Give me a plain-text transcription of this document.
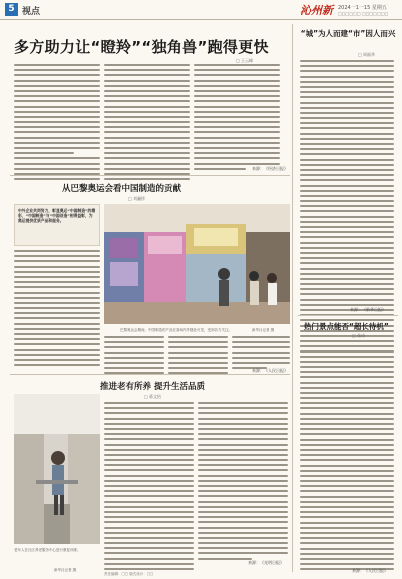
5 视点	沁州新 2024一1一15 星期五
□□□□□□ □□□□□□□
多方助力让“瞪羚”“独角兽”跑得更快
□ 王云峰
来源：《经济日报》
“城”为人而建“市”因人而兴
□ 周福华
来源：《新华日报》
热门景点能否“超长待机”
□ 张成
来源：《人民日报》
从巴黎奥运会看中国制造的贡献
□ 刘骊桥
中外企业共同努力，彰显奥运“中国制造”的精彩，“中国制造”与“中国创造”相得益彰，为奥运提供优质产品和服务。
巴黎奥运会期间，中国制造的产品在赛场内外随处可见，受到各方关注。	新华社记者 摄
来源：《人民日报》
推进老有所养 提升生活品质
□ 蒋文怡
老年人在社区养老服务中心进行康复训练。
新华社记者 摄
来源：《光明日报》
责任编辑：□□ 版式设计：□□
